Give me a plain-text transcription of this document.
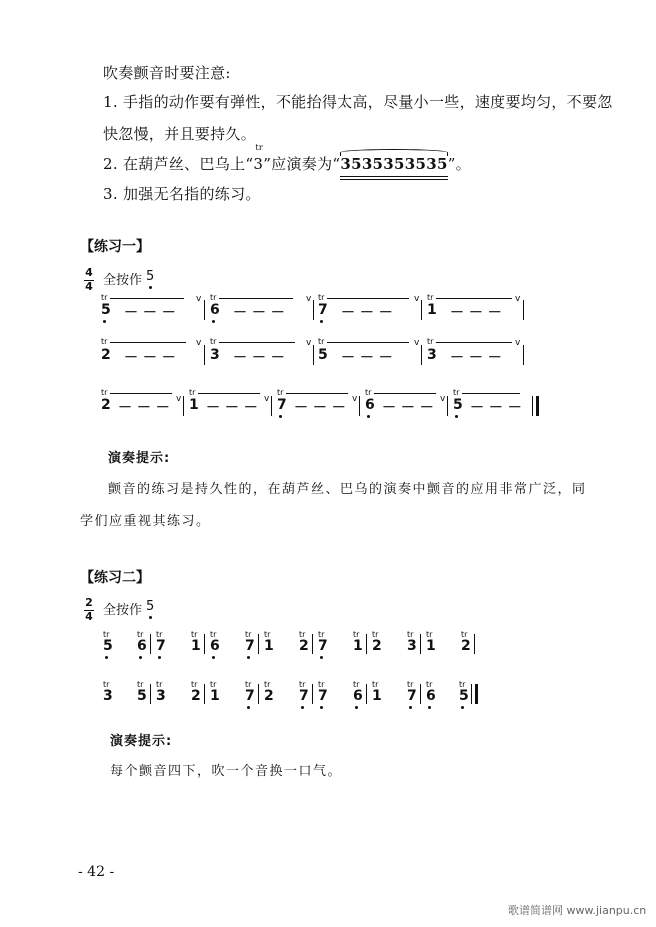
吹奏颤音时要注意:
1. 手指的动作要有弹性，不能抬得太高，尽量小一些，速度要均匀，不要忽
快忽慢，并且要持久。
2. 在葫芦丝、巴乌上“
tr
3”应演奏为“3535353535
”。
3. 加强无名指的练习。
【练习一】
4
4 全按作 5
tr	v
5 － － －
tr	v
6 － － －
tr	v
7 － － －
tr	v
1 － － －
tr	v
2 － － －
tr	v
3 － － －
tr	v
5 － － －
tr	v
3 － － －
tr
v
2 － － －
tr
v
1 － － －
tr
v
7 － － －
tr
v
6 － － －
tr
5 － － －
演奏提示:
颤音的练习是持久性的，在葫芦丝、巴乌的演奏中颤音的应用非常广泛，同
学们应重视其练习。
【练习二】
2
4 全按作 5
tr
5
tr
6
tr
7
tr
1
tr
6
tr
7
tr
1
tr
2
tr
7
tr
1
tr
2
tr
3
tr
1
tr
2
tr
3
tr
5
tr
3
tr
2
tr
1
tr
7
tr
2
tr
7
tr
7
tr
6
tr
1
tr
7
tr
6
tr
5
演奏提示:
每个颤音四下，吹一个音换一口气。
- 42 -
歌谱简谱网 www.jianpu.cn
